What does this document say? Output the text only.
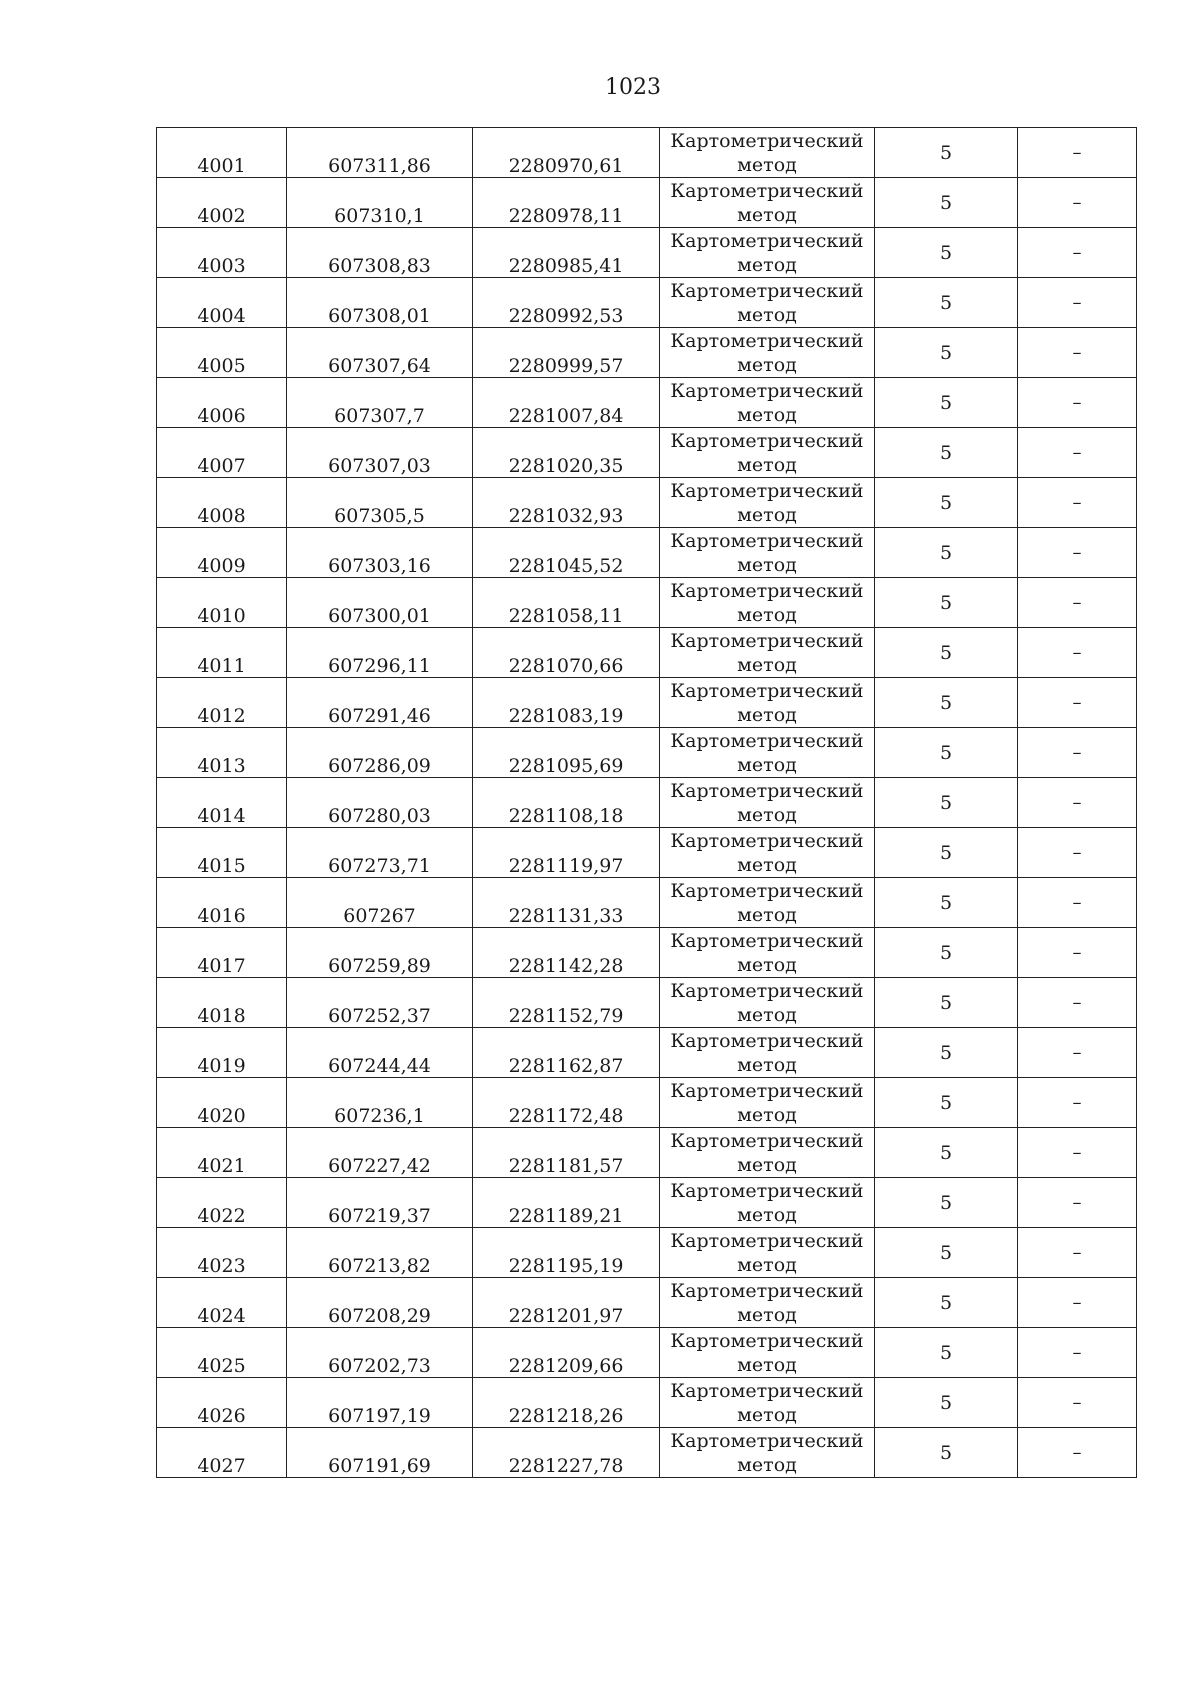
1023
4001	607311,86	2280970,61	Картометрический
метод	5	–
4002	607310,1	2280978,11	Картометрический
метод	5	–
4003	607308,83	2280985,41	Картометрический
метод	5	–
4004	607308,01	2280992,53	Картометрический
метод	5	–
4005	607307,64	2280999,57	Картометрический
метод	5	–
4006	607307,7	2281007,84	Картометрический
метод	5	–
4007	607307,03	2281020,35	Картометрический
метод	5	–
4008	607305,5	2281032,93	Картометрический
метод	5	–
4009	607303,16	2281045,52	Картометрический
метод	5	–
4010	607300,01	2281058,11	Картометрический
метод	5	–
4011	607296,11	2281070,66	Картометрический
метод	5	–
4012	607291,46	2281083,19	Картометрический
метод	5	–
4013	607286,09	2281095,69	Картометрический
метод	5	–
4014	607280,03	2281108,18	Картометрический
метод	5	–
4015	607273,71	2281119,97	Картометрический
метод	5	–
4016	607267	2281131,33	Картометрический
метод	5	–
4017	607259,89	2281142,28	Картометрический
метод	5	–
4018	607252,37	2281152,79	Картометрический
метод	5	–
4019	607244,44	2281162,87	Картометрический
метод	5	–
4020	607236,1	2281172,48	Картометрический
метод	5	–
4021	607227,42	2281181,57	Картометрический
метод	5	–
4022	607219,37	2281189,21	Картометрический
метод	5	–
4023	607213,82	2281195,19	Картометрический
метод	5	–
4024	607208,29	2281201,97	Картометрический
метод	5	–
4025	607202,73	2281209,66	Картометрический
метод	5	–
4026	607197,19	2281218,26	Картометрический
метод	5	–
4027	607191,69	2281227,78	Картометрический
метод	5	–
